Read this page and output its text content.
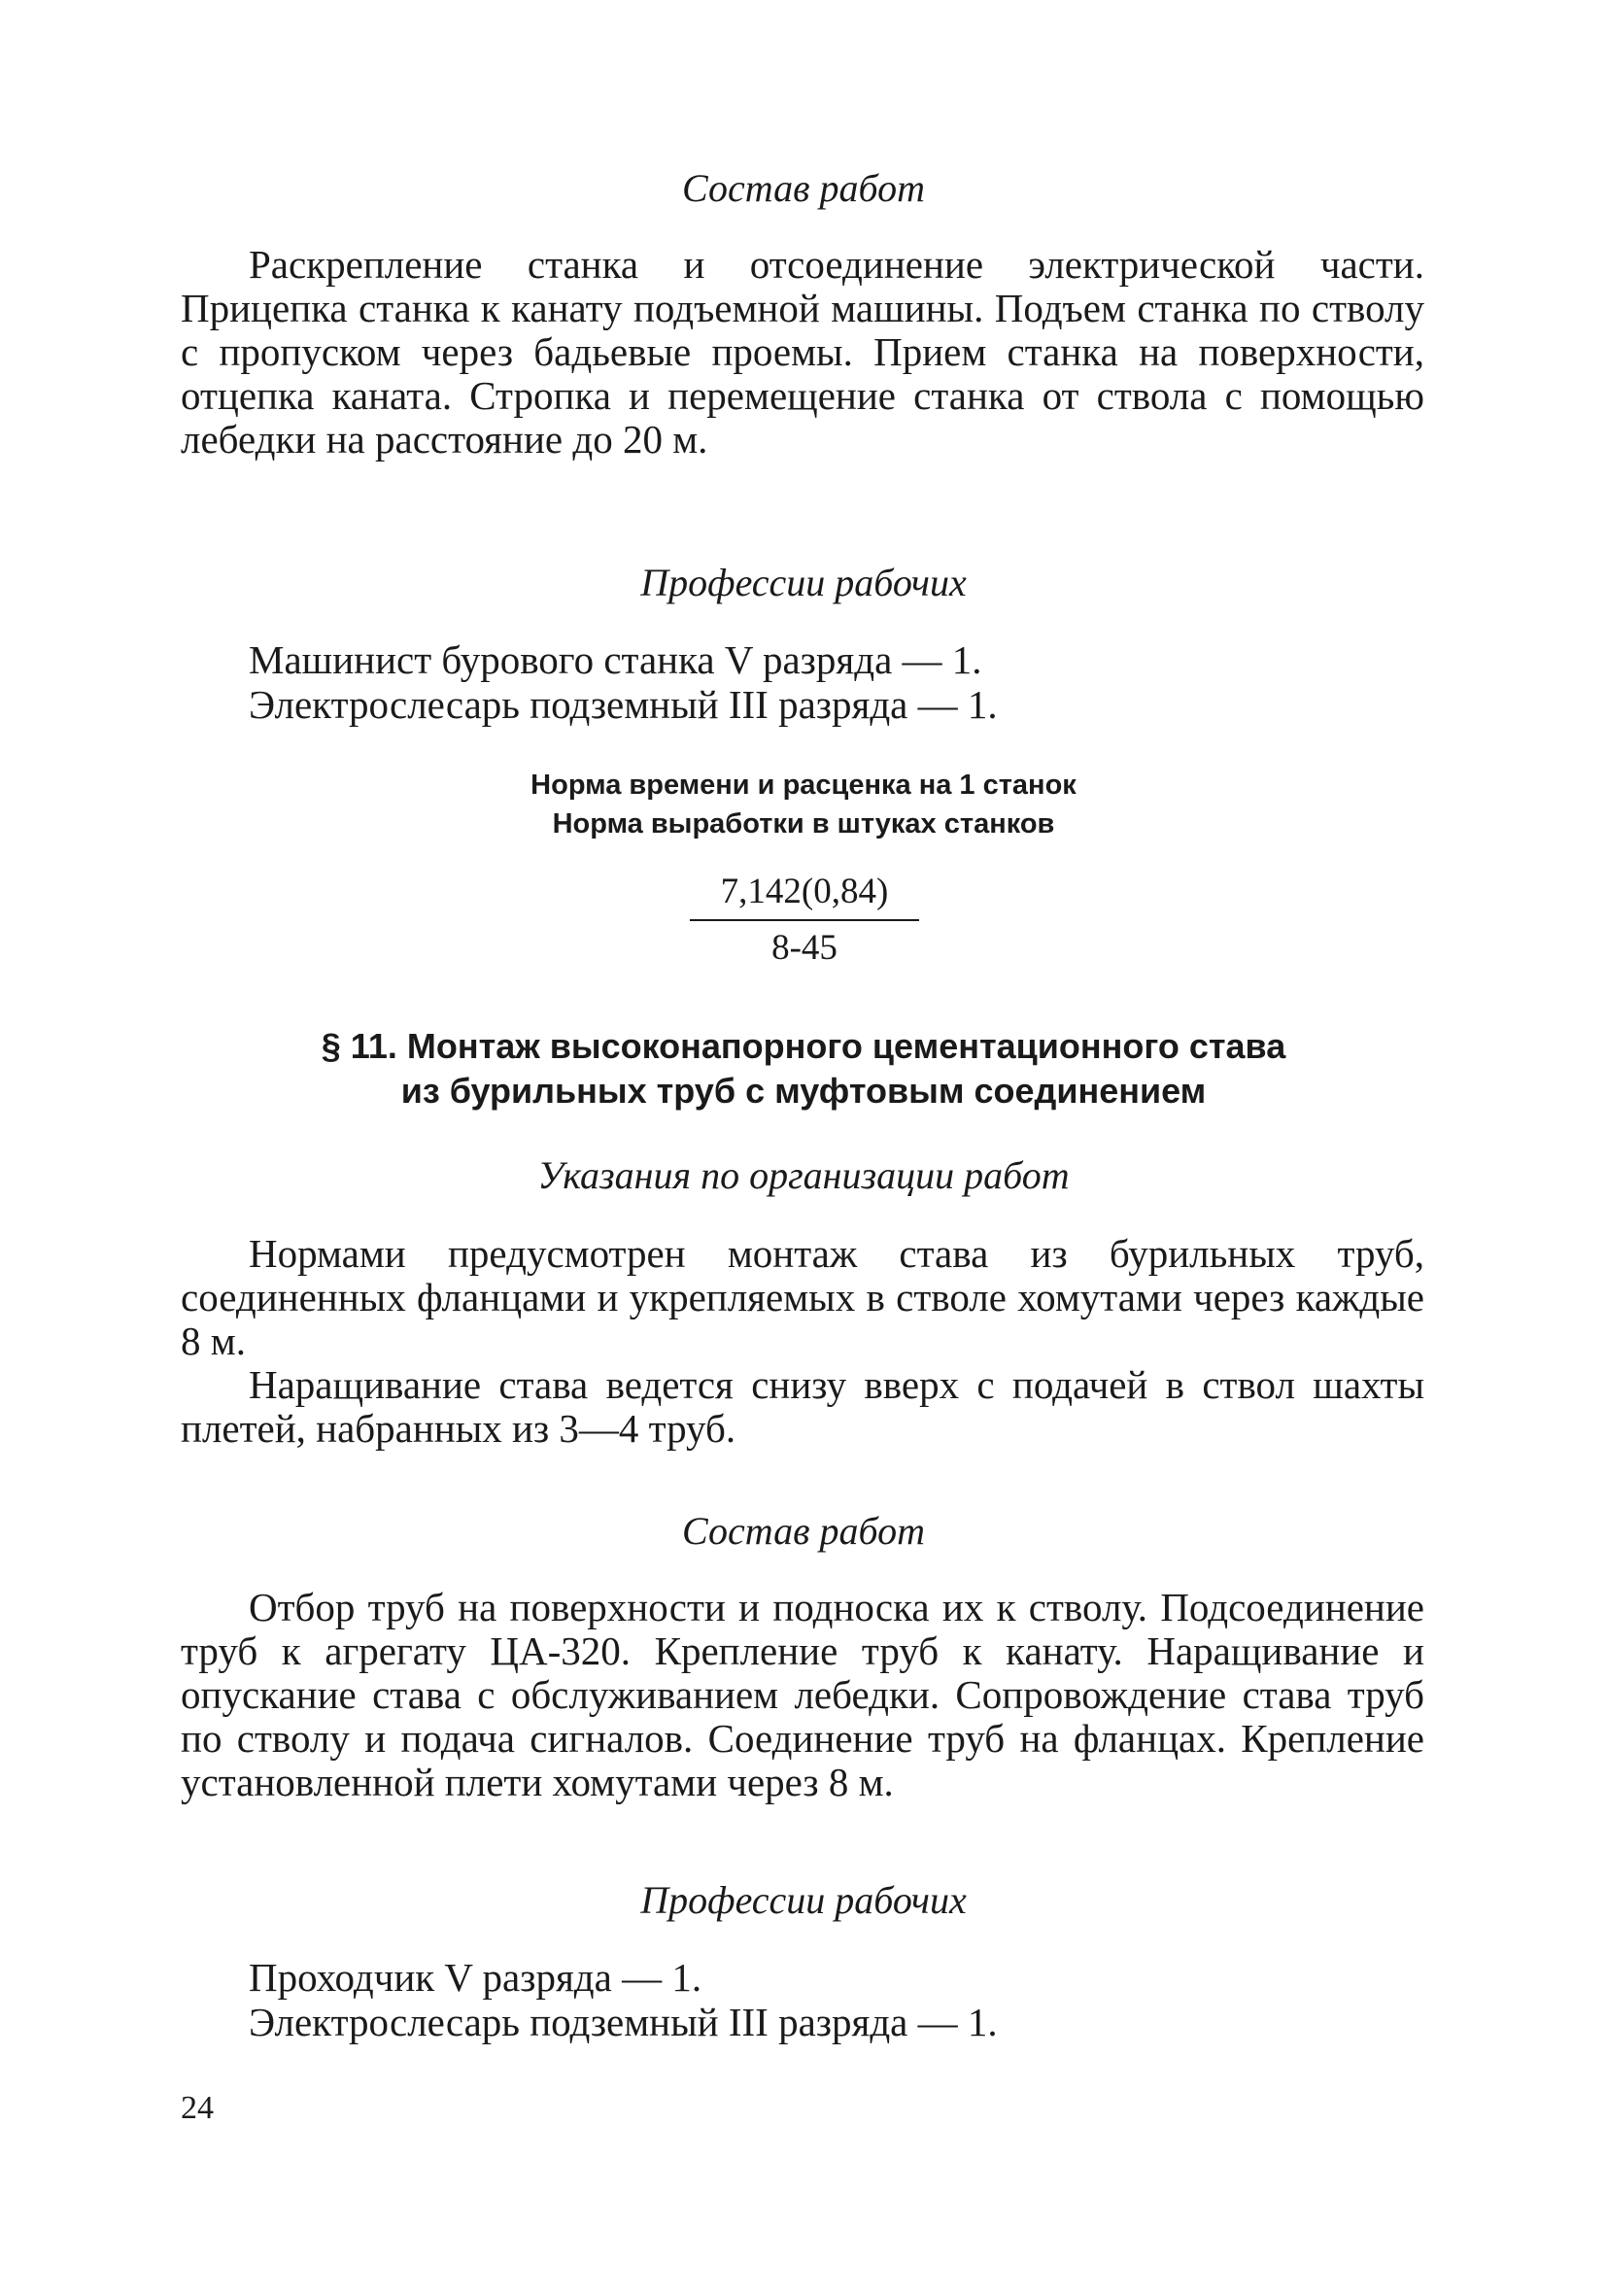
Состав работ

Раскрепление станка и отсоединение электрической части. Прицепка станка к канату подъемной машины. Подъем станка по стволу с пропуском через бадьевые проемы. Прием станка на поверхности, отцепка каната. Стропка и перемещение станка от ствола с помощью лебедки на расстояние до 20 м.

Профессии рабочих

Машинист бурового станка V разряда — 1.

Электрослесарь подземный III разряда — 1.

Норма времени и расценка на 1 станок

Норма выработки в штуках станков

$\frac{7,142(0,84)}{8-45}$
§ 11. Монтаж высоконапорного цементационного става
из бурильных труб с муфтовым соединением
Указания по организации работ

Нормами предусмотрен монтаж става из бурильных труб, соединенных фланцами и укрепляемых в стволе хомутами через каждые 8 м.

Наращивание става ведется снизу вверх с подачей в ствол шахты плетей, набранных из 3—4 труб.

Состав работ

Отбор труб на поверхности и подноска их к стволу. Подсоединение труб к агрегату ЦА-320. Крепление труб к канату. Наращивание и опускание става с обслуживанием лебедки. Сопровождение става труб по стволу и подача сигналов. Соединение труб на фланцах. Крепление установленной плети хомутами через 8 м.

Профессии рабочих

Проходчик V разряда — 1.

Электрослесарь подземный III разряда — 1.

24
